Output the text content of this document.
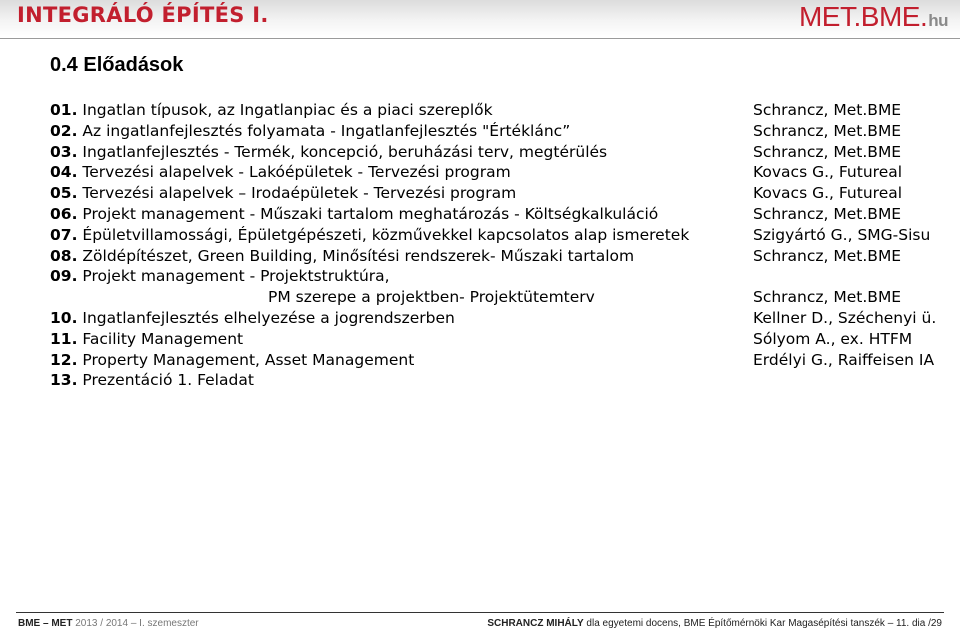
INTEGRÁLÓ ÉPÍTÉS I.	MET.BME.hu
0.4 Előadások
01. Ingatlan típusok, az Ingatlanpiac és a piaci szereplők	Schrancz, Met.BME
02. Az ingatlanfejlesztés folyamata - Ingatlanfejlesztés "Értéklánc”	Schrancz, Met.BME
03. Ingatlanfejlesztés - Termék, koncepció, beruházási terv, megtérülés	Schrancz, Met.BME
04. Tervezési alapelvek - Lakóépületek - Tervezési program	Kovacs G., Futureal
05. Tervezési alapelvek – Irodaépületek - Tervezési program	Kovacs G., Futureal
06. Projekt management - Műszaki tartalom meghatározás - Költségkalkuláció	Schrancz, Met.BME
07. Épületvillamossági, Épületgépészeti, közművekkel kapcsolatos alap ismeretek	Szigyártó G., SMG-Sisu
08. Zöldépítészet, Green Building, Minősítési rendszerek- Műszaki tartalom	Schrancz, Met.BME
09. Projekt management - Projektstruktúra,
PM szerepe a projektben- Projektütemterv	Schrancz, Met.BME
10. Ingatlanfejlesztés elhelyezése a jogrendszerben	Kellner D., Széchenyi ü.
11. Facility Management	Sólyom A., ex. HTFM
12. Property Management, Asset Management	Erdélyi G., Raiffeisen IA
13. Prezentáció 1. Feladat
BME – MET 2013 / 2014 – I. szemeszter	SCHRANCZ MIHÁLY dla egyetemi docens, BME Építőmérnöki Kar Magasépítési tanszék – 11. dia /29
